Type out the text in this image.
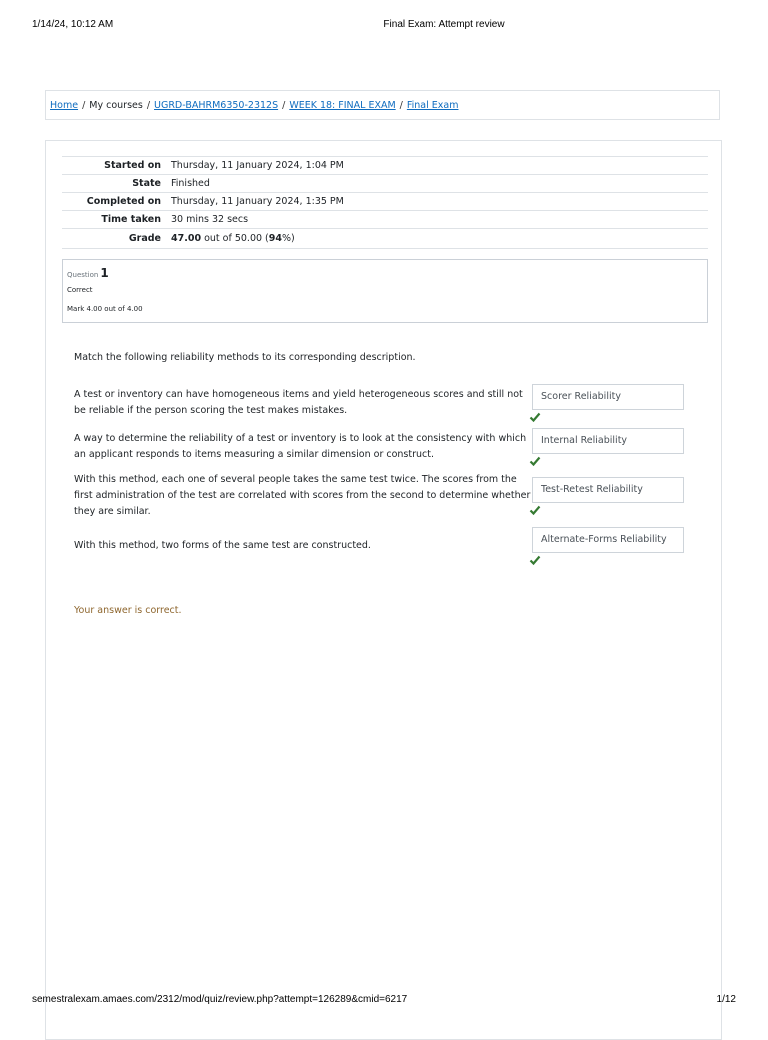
1/14/24, 10:12 AM	Final Exam: Attempt review
Home / My courses / UGRD-BAHRM6350-2312S / WEEK 18: FINAL EXAM / Final Exam
Started on	Thursday, 11 January 2024, 1:04 PM
State	Finished
Completed on	Thursday, 11 January 2024, 1:35 PM
Time taken	30 mins 32 secs
Grade	47.00 out of 50.00 (94%)
Question 1
Correct
Mark 4.00 out of 4.00
Match the following reliability methods to its corresponding description.
A test or inventory can have homogeneous items and yield heterogeneous scores and still not be reliable if the person scoring the test makes mistakes.
Scorer Reliability
A way to determine the reliability of a test or inventory is to look at the consistency with which an applicant responds to items measuring a similar dimension or construct.
Internal Reliability
With this method, each one of several people takes the same test twice. The scores from the first administration of the test are correlated with scores from the second to determine whether they are similar.
Test-Retest Reliability
With this method, two forms of the same test are constructed.
Alternate-Forms Reliability
Your answer is correct.
semestralexam.amaes.com/2312/mod/quiz/review.php?attempt=126289&cmid=6217	1/12
